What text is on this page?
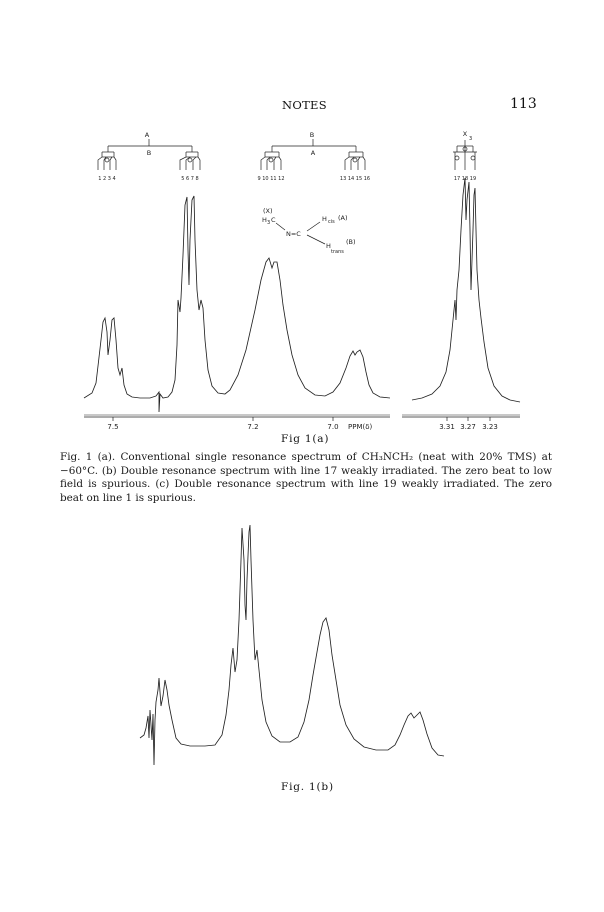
NOTES	113
A
B
1 2 3 4	5 6 7 8
B
A
9 10 11 12	13 14 15 16
X
3
17 18 19
(X)
H 3 C
N=C
H cis (A)
H
trans
(B)
7.5	7.2	7.0 PPM(δ)	3.31 3.27 3.23
Fig 1(a)
Fig. 1 (a). Conventional single resonance spectrum of CH₃NCH₂ (neat with 20% TMS) at −60°C. (b) Double resonance spectrum with line 17 weakly irradiated. The zero beat to low field is spurious. (c) Double resonance spectrum with line 19 weakly irradiated. The zero beat on line 1 is spurious.
Fig. 1(b)
